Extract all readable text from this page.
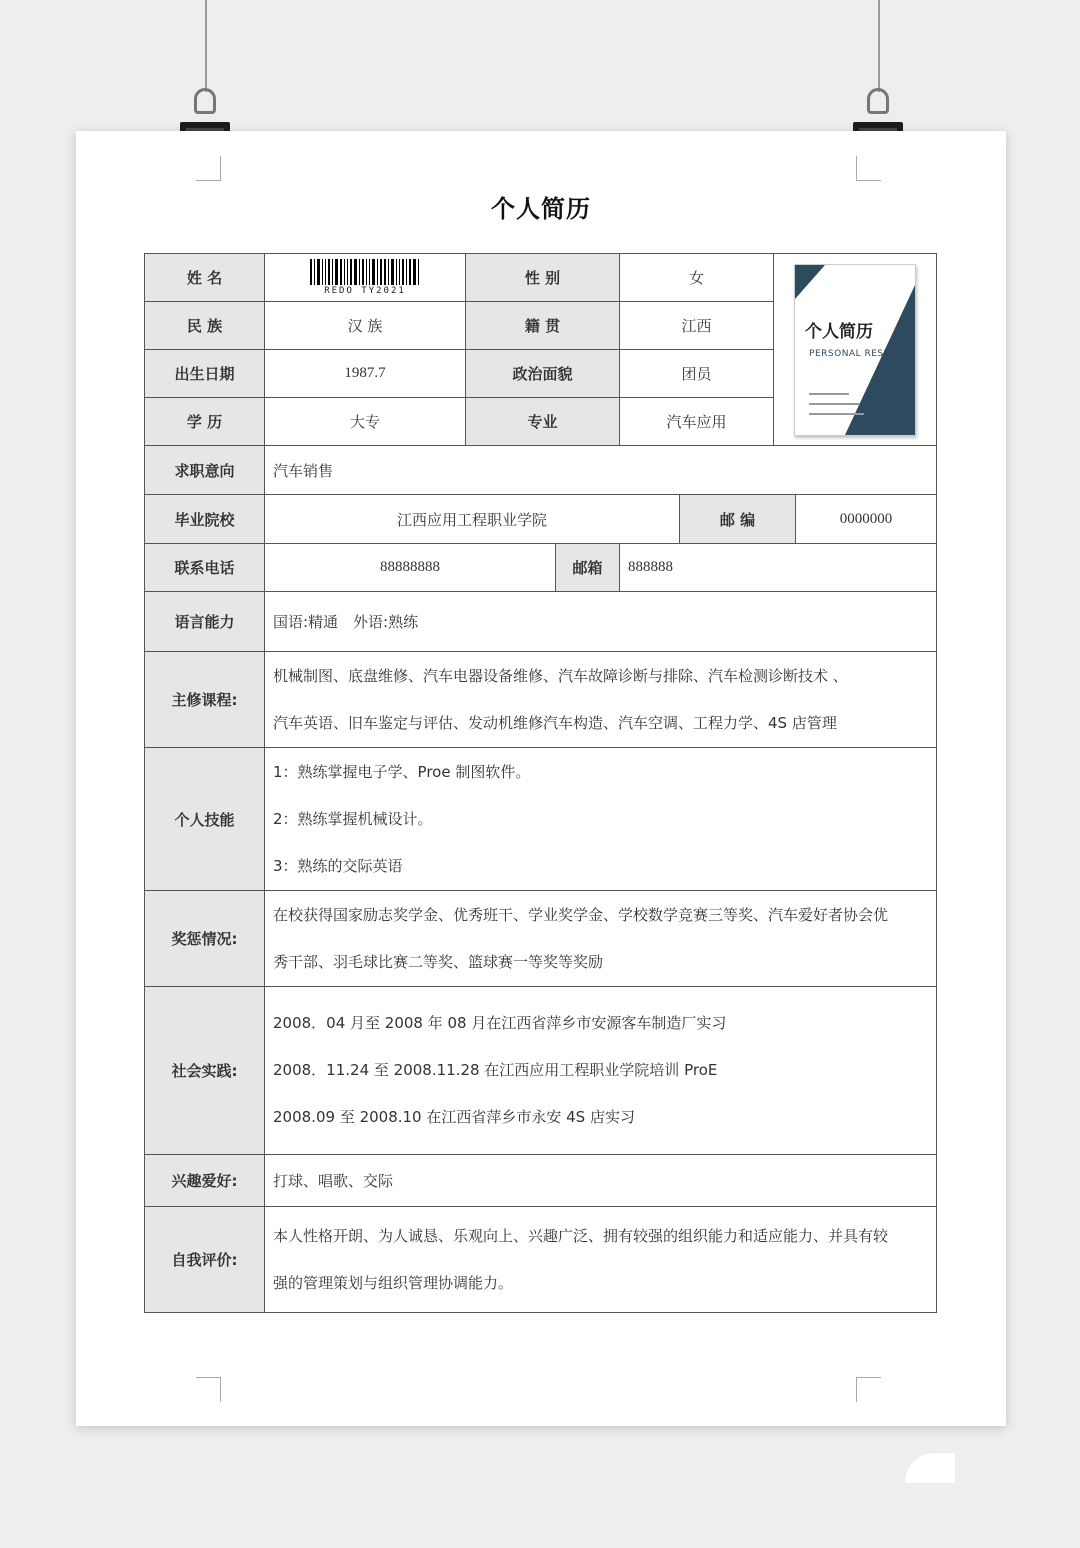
个人简历
姓 名	REDO TY2021	性 别		女		个人简历
PERSONAL RESUME	

民 族	汉 族	籍 贯		江西			
出生日期	1987.7	政治面貌		团员			
学 历	大专	专业		汽车应用			
求职意向	汽车销售						
毕业院校	江西应用工程职业学院				邮 编		0000000
联系电话	88888888		邮箱	888888			
语言能力	国语:精通　外语:熟练						
主修课程:	机械制图、底盘维修、汽车电器设备维修、汽车故障诊断与排除、汽车检测诊断技术 、
汽车英语、旧车鉴定与评估、发动机维修汽车构造、汽车空调、工程力学、4S 店管理						

个人技能	1：熟练掌握电子学、Proe 制图软件。
2：熟练掌握机械设计。
3：熟练的交际英语						

奖惩情况:	在校获得国家励志奖学金、优秀班干、学业奖学金、学校数学竞赛三等奖、汽车爱好者协会优
秀干部、羽毛球比赛二等奖、篮球赛一等奖等奖励						

社会实践:	2008．04 月至 2008 年 08 月在江西省萍乡市安源客车制造厂实习
2008．11.24 至 2008.11.28 在江西应用工程职业学院培训 ProE
2008.09 至 2008.10 在江西省萍乡市永安 4S 店实习						

兴趣爱好:	打球、唱歌、交际						
自我评价:	本人性格开朗、为人诚恳、乐观向上、兴趣广泛、拥有较强的组织能力和适应能力、并具有较
强的管理策划与组织管理协调能力。						
